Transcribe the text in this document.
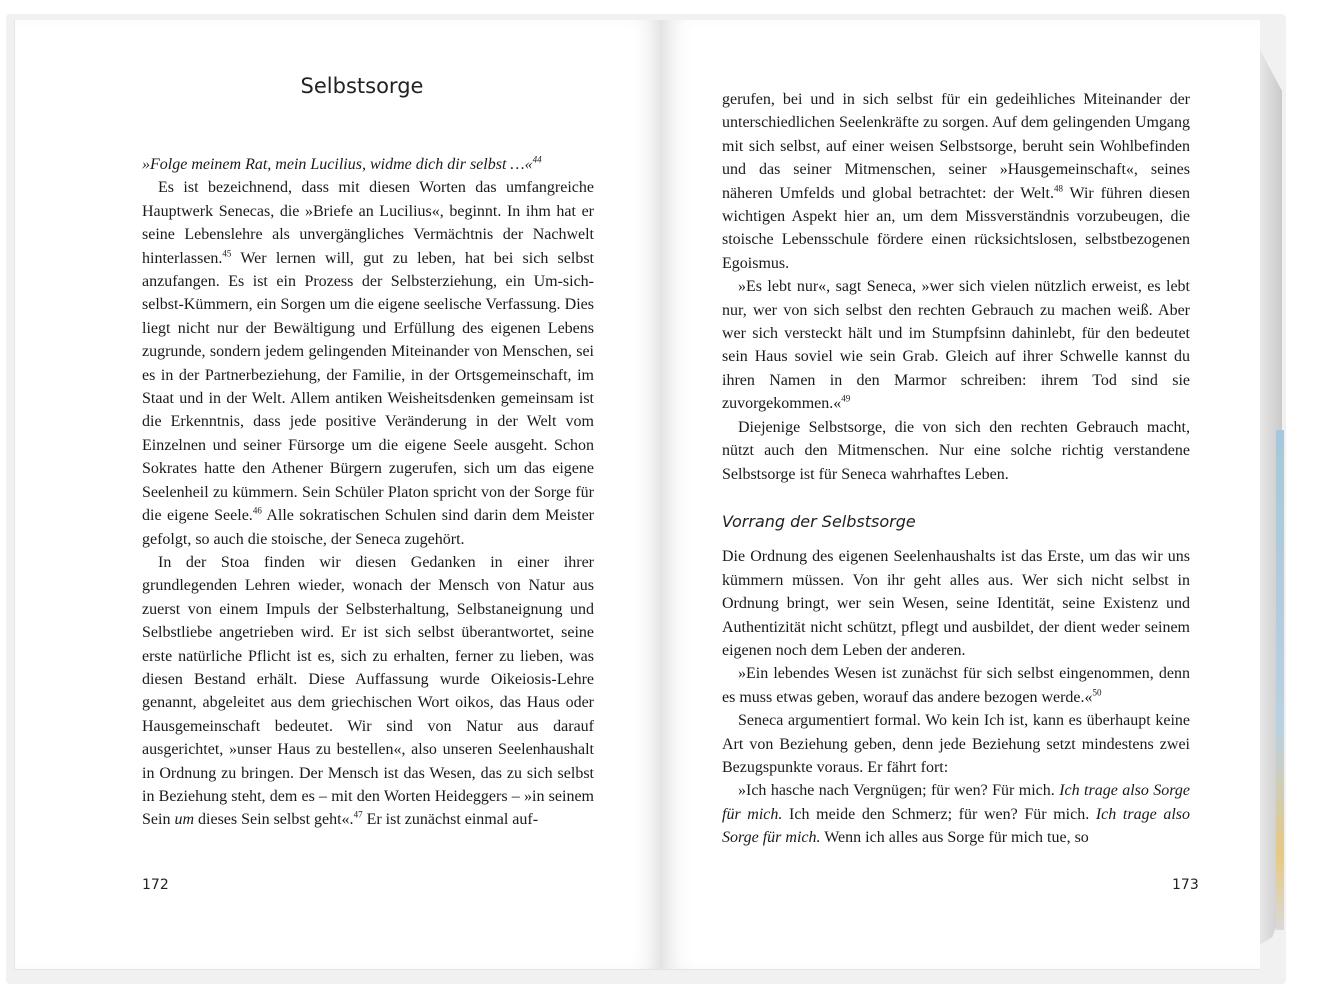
Selbstsorge

»Folge meinem Rat, mein Lucilius, widme dich dir selbst …«$^{44}$

Es ist bezeichnend, dass mit diesen Worten das umfangreiche Hauptwerk Senecas, die »Briefe an Lucilius«, beginnt. In ihm hat er seine Lebenslehre als unvergängliches Vermächtnis der Nachwelt hinterlassen.$^{45}$ Wer lernen will, gut zu leben, hat bei sich selbst anzufangen. Es ist ein Prozess der Selbsterziehung, ein Um-sich-selbst-Kümmern, ein Sorgen um die eigene seelische Verfassung. Dies liegt nicht nur der Bewältigung und Erfüllung des eigenen Lebens zugrunde, sondern jedem gelingenden Miteinander von Menschen, sei es in der Partnerbeziehung, der Familie, in der Ortsgemeinschaft, im Staat und in der Welt. Allem antiken Weisheitsdenken gemeinsam ist die Erkenntnis, dass jede positive Veränderung in der Welt vom Einzelnen und seiner Fürsorge um die eigene Seele ausgeht. Schon Sokrates hatte den Athener Bürgern zugerufen, sich um das eigene Seelenheil zu kümmern. Sein Schüler Platon spricht von der Sorge für die eigene Seele.$^{46}$ Alle sokratischen Schulen sind darin dem Meister gefolgt, so auch die stoische, der Seneca zugehört.

In der Stoa finden wir diesen Gedanken in einer ihrer grundlegenden Lehren wieder, wonach der Mensch von Natur aus zuerst von einem Impuls der Selbsterhaltung, Selbstaneignung und Selbstliebe angetrieben wird. Er ist sich selbst überantwortet, seine erste natürliche Pflicht ist es, sich zu erhalten, ferner zu lieben, was diesen Bestand erhält. Diese Auffassung wurde Oikeiosis-Lehre genannt, abgeleitet aus dem griechischen Wort oikos, das Haus oder Hausgemeinschaft bedeutet. Wir sind von Natur aus darauf ausgerichtet, »unser Haus zu bestellen«, also unseren Seelenhaushalt in Ordnung zu bringen. Der Mensch ist das Wesen, das zu sich selbst in Beziehung steht, dem es – mit den Worten Heideggers – »in seinem Sein um dieses Sein selbst geht«.$^{47}$ Er ist zunächst einmal auf-

gerufen, bei und in sich selbst für ein gedeihliches Miteinander der unterschiedlichen Seelenkräfte zu sorgen. Auf dem gelingenden Umgang mit sich selbst, auf einer weisen Selbstsorge, beruht sein Wohlbefinden und das seiner Mitmenschen, seiner »Hausgemeinschaft«, seines näheren Umfelds und global betrachtet: der Welt.$^{48}$ Wir führen diesen wichtigen Aspekt hier an, um dem Missverständnis vorzubeugen, die stoische Lebensschule fördere einen rücksichtslosen, selbstbezogenen Egoismus.

»Es lebt nur«, sagt Seneca, »wer sich vielen nützlich erweist, es lebt nur, wer von sich selbst den rechten Gebrauch zu machen weiß. Aber wer sich versteckt hält und im Stumpfsinn dahinlebt, für den bedeutet sein Haus soviel wie sein Grab. Gleich auf ihrer Schwelle kannst du ihren Namen in den Marmor schreiben: ihrem Tod sind sie zuvorgekommen.«$^{49}$

Diejenige Selbstsorge, die von sich den rechten Gebrauch macht, nützt auch den Mitmenschen. Nur eine solche richtig verstandene Selbstsorge ist für Seneca wahrhaftes Leben.

Vorrang der Selbstsorge

Die Ordnung des eigenen Seelenhaushalts ist das Erste, um das wir uns kümmern müssen. Von ihr geht alles aus. Wer sich nicht selbst in Ordnung bringt, wer sein Wesen, seine Identität, seine Existenz und Authentizität nicht schützt, pflegt und ausbildet, der dient weder seinem eigenen noch dem Leben der anderen.

»Ein lebendes Wesen ist zunächst für sich selbst eingenommen, denn es muss etwas geben, worauf das andere bezogen werde.«$^{50}$

Seneca argumentiert formal. Wo kein Ich ist, kann es überhaupt keine Art von Beziehung geben, denn jede Beziehung setzt mindestens zwei Bezugspunkte voraus. Er fährt fort:

»Ich hasche nach Vergnügen; für wen? Für mich. Ich trage also Sorge für mich. Ich meide den Schmerz; für wen? Für mich. Ich trage also Sorge für mich. Wenn ich alles aus Sorge für mich tue, so

172	173
